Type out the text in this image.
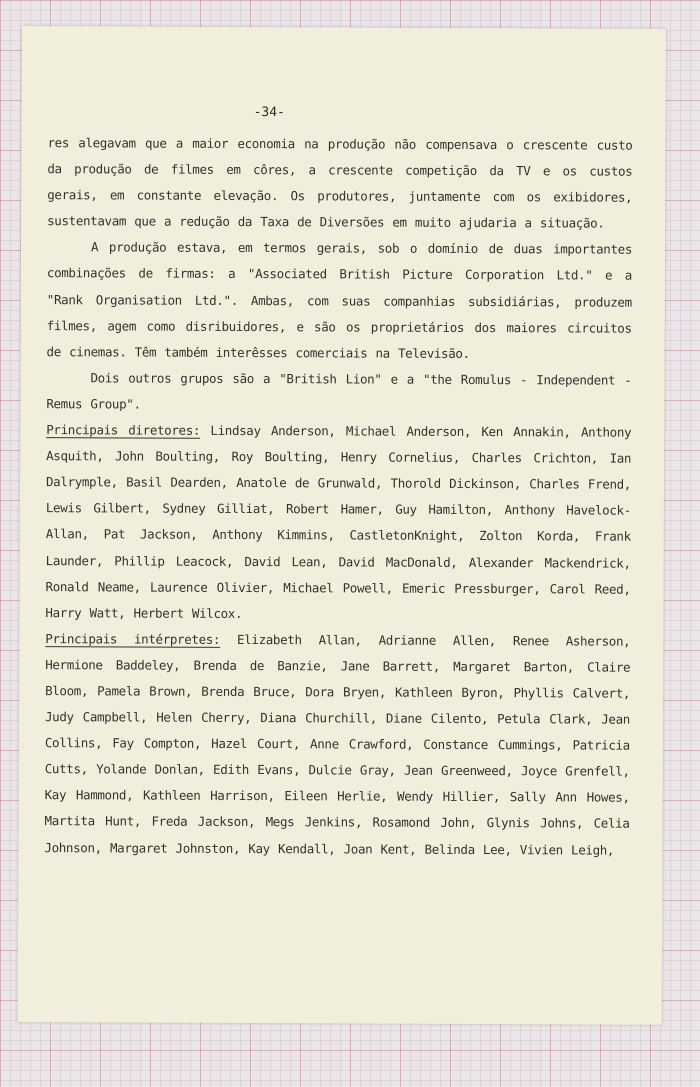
-34-

res alegavam que a maior economia na produção não compensava o crescente custo da produção de filmes em côres, a crescente competição da TV e os custos gerais, em constante elevação. Os produtores, juntamente com os exibidores, sustentavam que a redução da Taxa de Diversões em muito ajudaria a situação.

A produção estava, em termos gerais, sob o domínio de duas importantes combinações de firmas: a "Associated British Picture Corporation Ltd." e a "Rank Organisation Ltd.". Ambas, com suas companhias subsidiárias, produzem filmes, agem como disribuidores, e são os proprietários dos maiores circuitos de cinemas. Têm também interêsses comerciais na Televisão.

Dois outros grupos são a "British Lion" e a "the Romulus - Independent - Remus Group".

Principais diretores: Lindsay Anderson, Michael Anderson, Ken Annakin, Anthony Asquith, John Boulting, Roy Boulting, Henry Cornelius, Charles Crichton, Ian Dalrymple, Basil Dearden, Anatole de Grunwald, Thorold Dickinson, Charles Frend, Lewis Gilbert, Sydney Gilliat, Robert Hamer, Guy Hamilton, Anthony Havelock-Allan, Pat Jackson, Anthony Kimmins, CastletonKnight, Zolton Korda, Frank Launder, Phillip Leacock, David Lean, David MacDonald, Alexander Mackendrick, Ronald Neame, Laurence Olivier, Michael Powell, Emeric Pressburger, Carol Reed, Harry Watt, Herbert Wilcox.

Principais intérpretes: Elizabeth Allan, Adrianne Allen, Renee Asherson, Hermione Baddeley, Brenda de Banzie, Jane Barrett, Margaret Barton, Claire Bloom, Pamela Brown, Brenda Bruce, Dora Bryen, Kathleen Byron, Phyllis Calvert, Judy Campbell, Helen Cherry, Diana Churchill, Diane Cilento, Petula Clark, Jean Collins, Fay Compton, Hazel Court, Anne Crawford, Constance Cummings, Patricia Cutts, Yolande Donlan, Edith Evans, Dulcie Gray, Jean Greenweed, Joyce Grenfell, Kay Hammond, Kathleen Harrison, Eileen Herlie, Wendy Hillier, Sally Ann Howes, Martita Hunt, Freda Jackson, Megs Jenkins, Rosamond John, Glynis Johns, Celia Johnson, Margaret Johnston, Kay Kendall, Joan Kent, Belinda Lee, Vivien Leigh,
